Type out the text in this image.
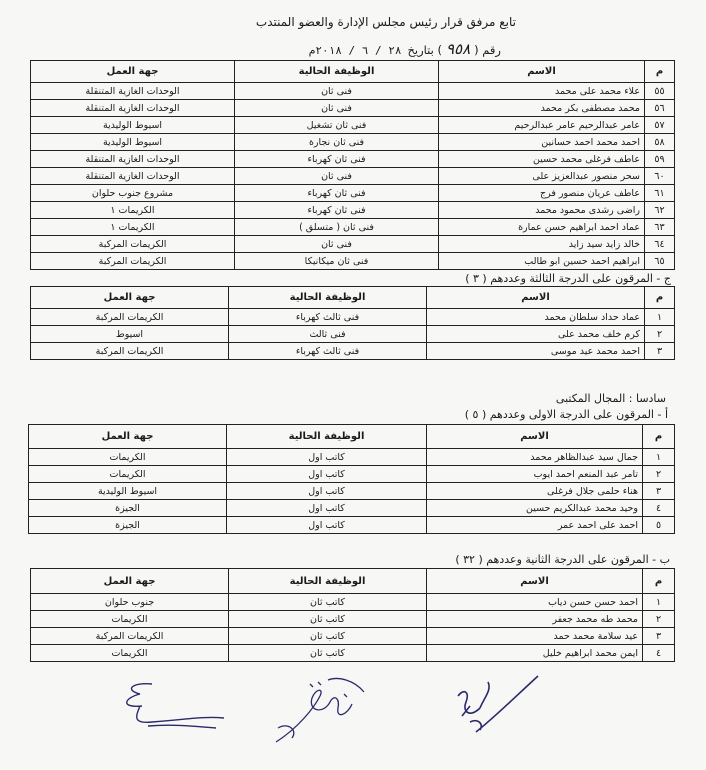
تابع مرفق قرار رئيس مجلس الإدارة والعضو المنتدب
رقم (٩٥٨) بتاريخ٢٨ / ٦ / ٢٠١٨م
م	الاسم	الوظيفة الحالية	جهة العمل
٥٥	علاء محمد على محمد	فنى ثان	الوحدات الغازية المتنقلة
٥٦	محمد مصطفى بكر محمد	فنى ثان	الوحدات الغازية المتنقلة
٥٧	عامر عبدالرحيم عامر عبدالرحيم	فنى ثان تشغيل	اسيوط الوليدية
٥٨	احمد محمد احمد حسانين	فنى ثان نجارة	اسيوط الوليدية
٥٩	عاطف فرغلى محمد حسين	فنى ثان كهرباء	الوحدات الغازية المتنقلة
٦٠	سحر منصور عبدالعزيز على	فنى ثان	الوحدات الغازية المتنقلة
٦١	عاطف عريان منصور فرج	فنى ثان كهرباء	مشروع جنوب حلوان
٦٢	راضى رشدى محمود محمد	فنى ثان كهرباء	الكريمات ١
٦٣	عماد احمد ابراهيم حسن عمارة	فنى ثان ( متسلق )	الكريمات ١
٦٤	خالد زايد سيد زايد	فنى ثان	الكريمات المركبة
٦٥	ابراهيم احمد حسين ابو طالب	فنى ثان ميكانيكا	الكريمات المركبة
ج - المرقون على الدرجة الثالثة وعددهم ( ٣ )
م	الاسم	الوظيفة الحالية	جهة العمل
١	عماد حداد سلطان محمد	فنى ثالث كهرباء	الكريمات المركبة
٢	كرم خلف محمد على	فنى ثالث	اسيوط
٣	احمد محمد عيد موسى	فنى ثالث كهرباء	الكريمات المركبة
سادسا : المجال المكتبى
أ - المرقون على الدرجة الاولى وعددهم ( ٥ )
م	الاسم	الوظيفة الحالية	جهة العمل
١	جمال سيد عبدالظاهر محمد	كاتب اول	الكريمات
٢	تامر عبد المنعم احمد ايوب	كاتب اول	الكريمات
٣	هناء حلمى جلال فرغلى	كاتب اول	اسيوط الوليدية
٤	وحيد محمد عبدالكريم حسين	كاتب اول	الجيزة
٥	احمد على احمد عمر	كاتب اول	الجيزة
ب - المرقون على الدرجة الثانية وعددهم ( ٣٢ )
م	الاسم	الوظيفة الحالية	جهة العمل
١	احمد حسن حسن دياب	كاتب ثان	جنوب حلوان
٢	محمد طه محمد جعفر	كاتب ثان	الكريمات
٣	عيد سلامة محمد حمد	كاتب ثان	الكريمات المركبة
٤	ايمن محمد ابراهيم خليل	كاتب ثان	الكريمات
